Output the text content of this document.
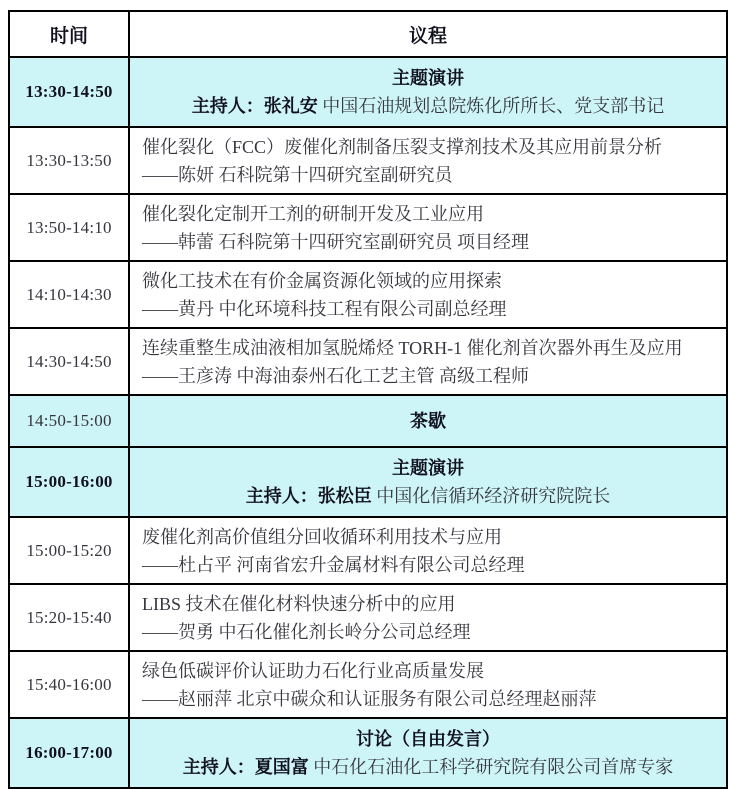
时间	议程
13:30-14:50	主题演讲
主持人：张礼安 中国石油规划总院炼化所所长、党支部书记

13:30-13:50	催化裂化（FCC）废催化剂制备压裂支撑剂技术及其应用前景分析
——陈妍 石科院第十四研究室副研究员

13:50-14:10	催化裂化定制开工剂的研制开发及工业应用
——韩蕾 石科院第十四研究室副研究员 项目经理

14:10-14:30	微化工技术在有价金属资源化领域的应用探索
——黄丹 中化环境科技工程有限公司副总经理

14:30-14:50	连续重整生成油液相加氢脱烯烃 TORH-1 催化剂首次器外再生及应用
——王彦涛 中海油泰州石化工艺主管 高级工程师

14:50-15:00	茶歇

15:00-16:00	主题演讲
主持人：张松臣 中国化信循环经济研究院院长

15:00-15:20	废催化剂高价值组分回收循环利用技术与应用
——杜占平 河南省宏升金属材料有限公司总经理

15:20-15:40	LIBS 技术在催化材料快速分析中的应用
——贺勇 中石化催化剂长岭分公司总经理

15:40-16:00	绿色低碳评价认证助力石化行业高质量发展
——赵丽萍 北京中碳众和认证服务有限公司总经理赵丽萍

16:00-17:00	讨论（自由发言）
主持人：夏国富 中石化石油化工科学研究院有限公司首席专家
